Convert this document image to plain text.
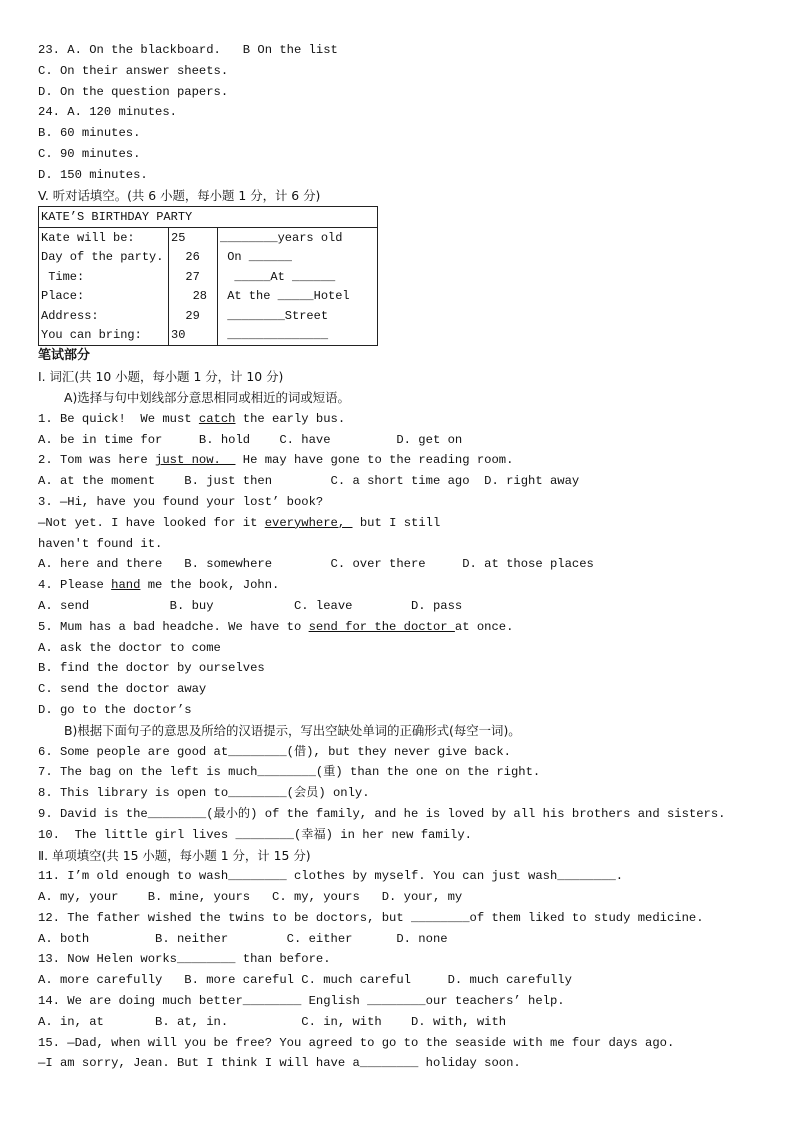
23. A. On the blackboard.   B On the list
C. On their answer sheets.
D. On the question papers.
24. A. 120 minutes.
B. 60 minutes.
C. 90 minutes.
D. 150 minutes.
V. 听对话填空。(共 6 小题，每小题 1 分，计 6 分)
KATE’S BIRTHDAY PARTY		
Kate will be:	25	________years old
Day of the party.	26	On ______
Time:	27	_____At ______
Place:	28	At the _____Hotel
Address:	29	________Street
You can bring:	30	______________
笔试部分
I. 词汇(共 10 小题，每小题 1 分，计 10 分)
A)选择与句中划线部分意思相同或相近的词或短语。
1. Be quick!  We must catch the early bus.
A. be in time for     B. hold    C. have         D. get on
2. Tom was here just now.   He may have gone to the reading room.
A. at the moment    B. just then        C. a short time ago  D. right away
3. —Hi, have you found your lost’ book?
—Not yet. I have looked for it everywhere,  but I still
haven't found it.
A. here and there   B. somewhere        C. over there     D. at those places
4. Please hand me the book, John.
A. send           B. buy           C. leave        D. pass
5. Mum has a bad headche. We have to send for the doctor at once.
A. ask the doctor to come
B. find the doctor by ourselves
C. send the doctor away
D. go to the doctor’s
B)根据下面句子的意思及所给的汉语提示，写出空缺处单词的正确形式(每空一词)。
6. Some people are good at________(借), but they never give back.
7. The bag on the left is much________(重) than the one on the right.
8. This library is open to________(会员) only.
9. David is the________(最小的) of the family, and he is loved by all his brothers and sisters.
10.  The little girl lives ________(幸福) in her new family.
Ⅱ. 单项填空(共 15 小题，每小题 1 分，计 15 分)
11. I’m old enough to wash________ clothes by myself. You can just wash________.
A. my, your    B. mine, yours   C. my, yours   D. your, my
12. The father wished the twins to be doctors, but ________of them liked to study medicine.
A. both         B. neither        C. either      D. none
13. Now Helen works________ than before.
A. more carefully   B. more careful C. much careful     D. much carefully
14. We are doing much better________ English ________our teachers’ help.
A. in, at       B. at, in.          C. in, with    D. with, with
15. —Dad, when will you be free? You agreed to go to the seaside with me four days ago.
—I am sorry, Jean. But I think I will have a________ holiday soon.
